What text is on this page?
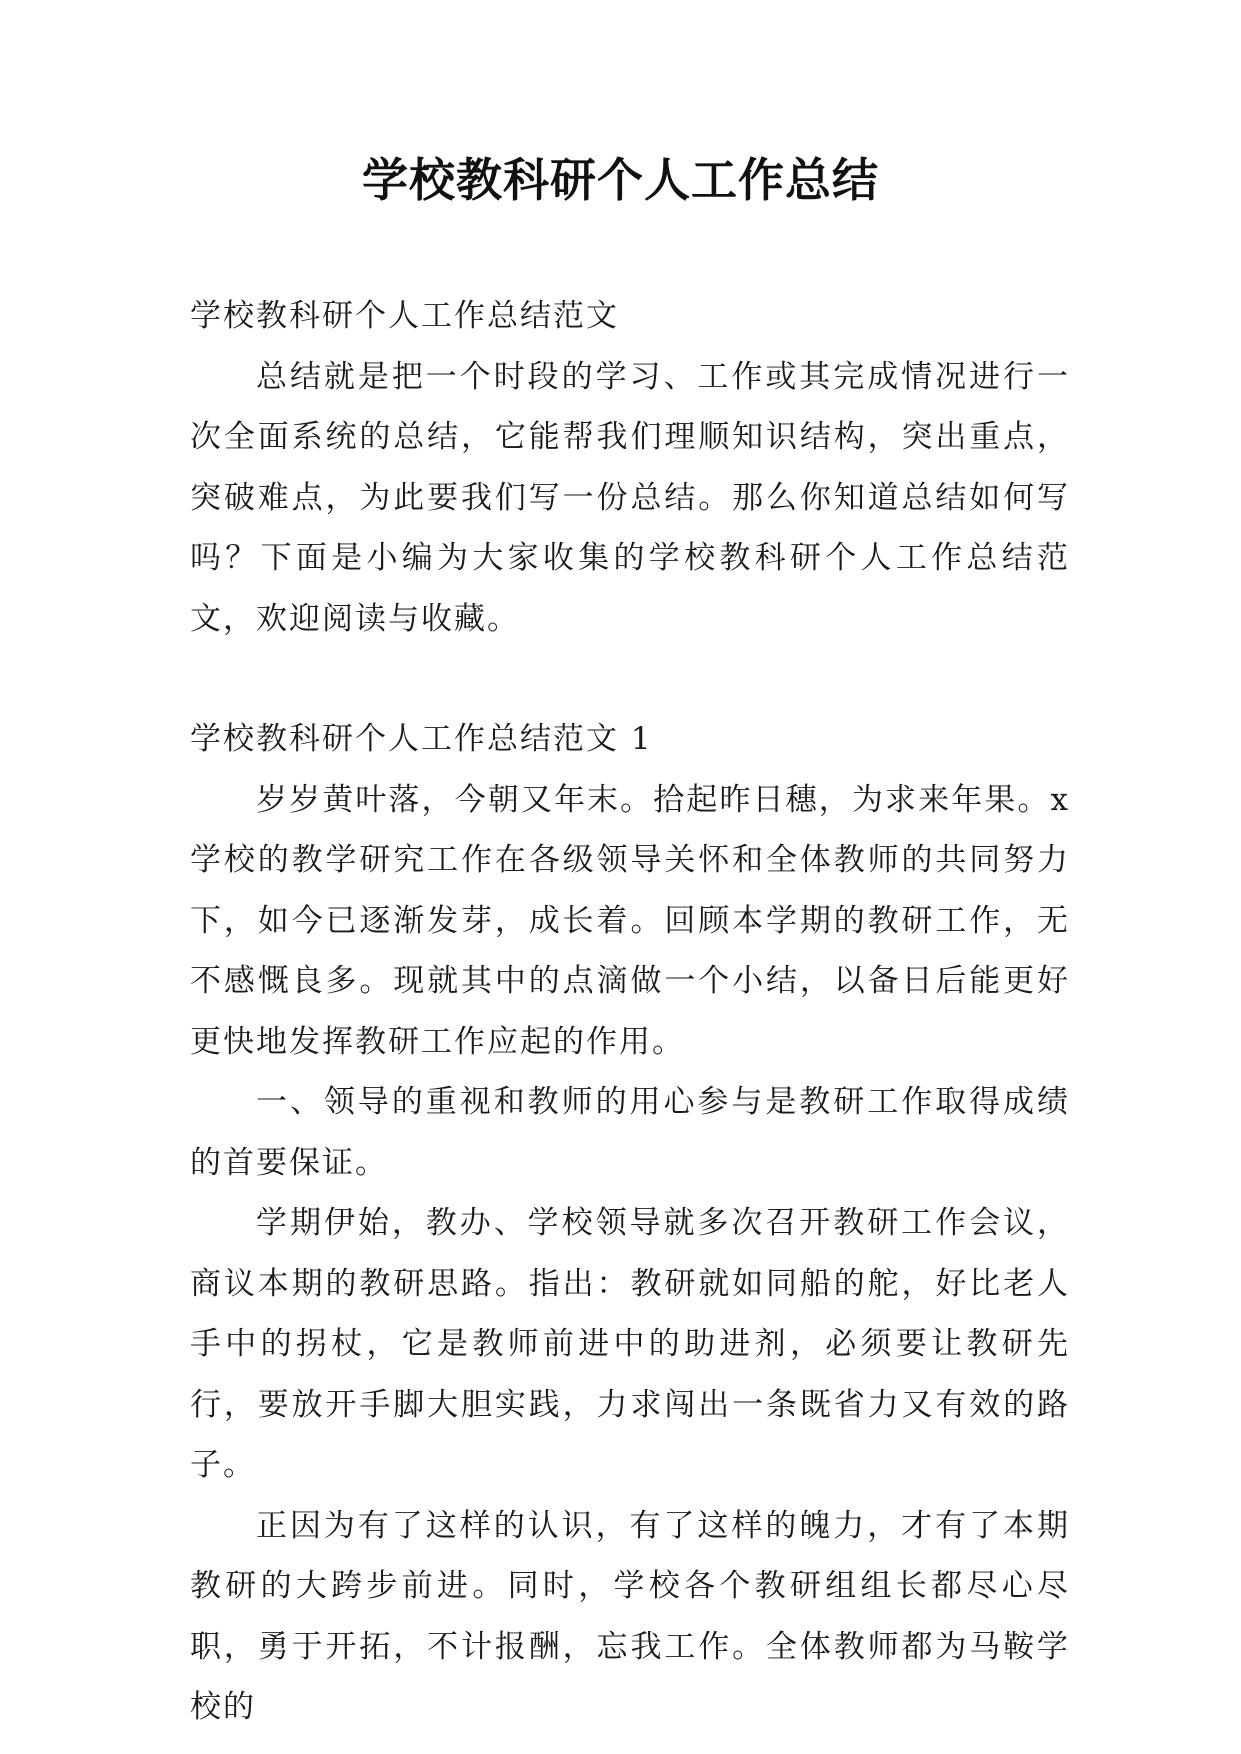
学校教科研个人工作总结

学校教科研个人工作总结范文

总结就是把一个时段的学习、工作或其完成情况进行一次全面系统的总结，它能帮我们理顺知识结构，突出重点，突破难点，为此要我们写一份总结。那么你知道总结如何写吗？下面是小编为大家收集的学校教科研个人工作总结范文，欢迎阅读与收藏。

学校教科研个人工作总结范文 1

岁岁黄叶落，今朝又年末。拾起昨日穗，为求来年果。x 学校的教学研究工作在各级领导关怀和全体教师的共同努力下，如今已逐渐发芽，成长着。回顾本学期的教研工作，无不感慨良多。现就其中的点滴做一个小结，以备日后能更好更快地发挥教研工作应起的作用。

一、领导的重视和教师的用心参与是教研工作取得成绩的首要保证。

学期伊始，教办、学校领导就多次召开教研工作会议，商议本期的教研思路。指出：教研就如同船的舵，好比老人手中的拐杖，它是教师前进中的助进剂，必须要让教研先行，要放开手脚大胆实践，力求闯出一条既省力又有效的路子。

正因为有了这样的认识，有了这样的魄力，才有了本期教研的大跨步前进。同时，学校各个教研组组长都尽心尽职，勇于开拓，不计报酬，忘我工作。全体教师都为马鞍学校的
